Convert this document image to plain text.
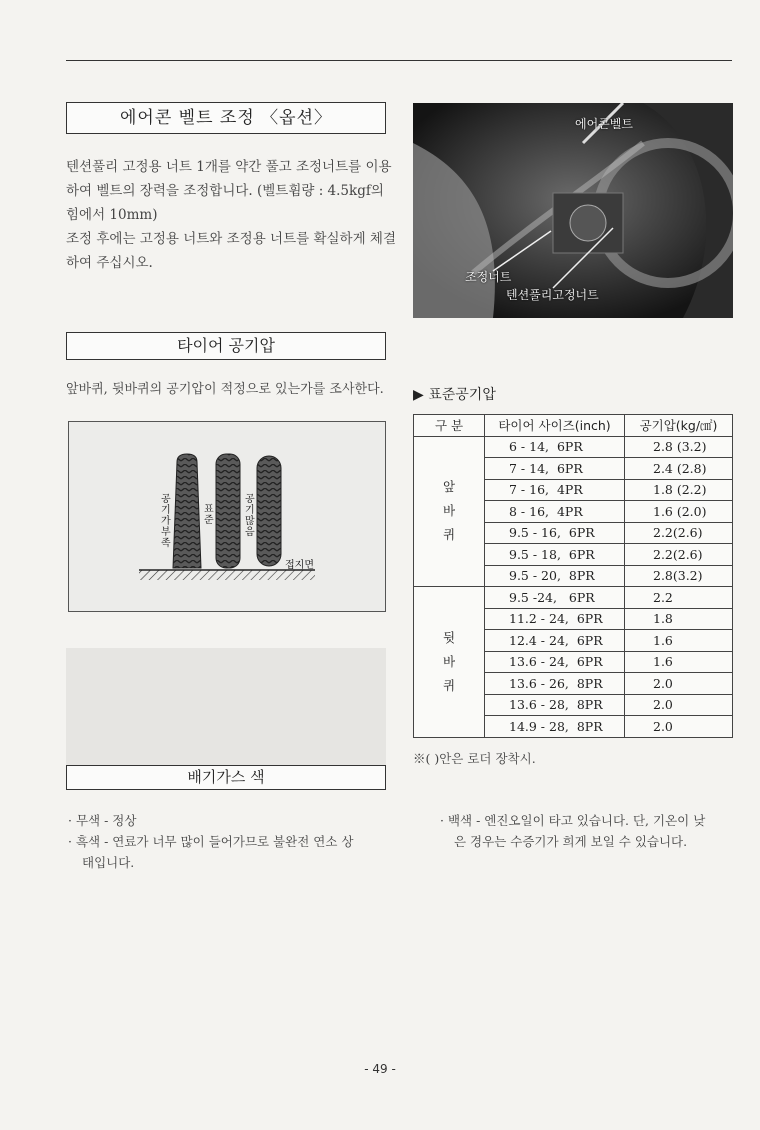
에어콘 벨트 조정 〈옵션〉
텐션풀리 고정용 너트 1개를 약간 풀고 조정너트를 이용
하여 벨트의 장력을 조정합니다. (벨트휨량 : 4.5kgf의
힘에서 10mm)
조정 후에는 고정용 너트와 조정용 너트를 확실하게 체결
하여 주십시오.
에어콘벨트
조정너트
텐션풀리고정너트
타이어 공기압
앞바퀴, 뒷바퀴의 공기압이 적정으로 있는가를 조사한다.
공기가 부족
표준
공기 많음
접지면
▶ 표준공기압
구 분	타이어 사이즈(inch)	공기압(kg/㎠)
앞
바
퀴	6 - 14,  6PR	2.8 (3.2)
	7 - 14,  6PR	2.4 (2.8)
	7 - 16,  4PR	1.8 (2.2)
	8 - 16,  4PR	1.6 (2.0)
	9.5 - 16,  6PR	2.2(2.6)
	9.5 - 18,  6PR	2.2(2.6)
	9.5 - 20,  8PR	2.8(3.2)
뒷
바
퀴	9.5 -24,   6PR	2.2
	11.2 - 24,  6PR	1.8
	12.4 - 24,  6PR	1.6
	13.6 - 24,  6PR	1.6
	13.6 - 26,  8PR	2.0
	13.6 - 28,  8PR	2.0
	14.9 - 28,  8PR	2.0
※( )안은 로더 장착시.
배기가스 색
· 무색 - 정상
· 흑색 - 연료가 너무 많이 들어가므로 불완전 연소 상
태입니다.
· 백색 - 엔진오일이 타고 있습니다. 단, 기온이 낮
은 경우는 수증기가 희게 보일 수 있습니다.
- 49 -
